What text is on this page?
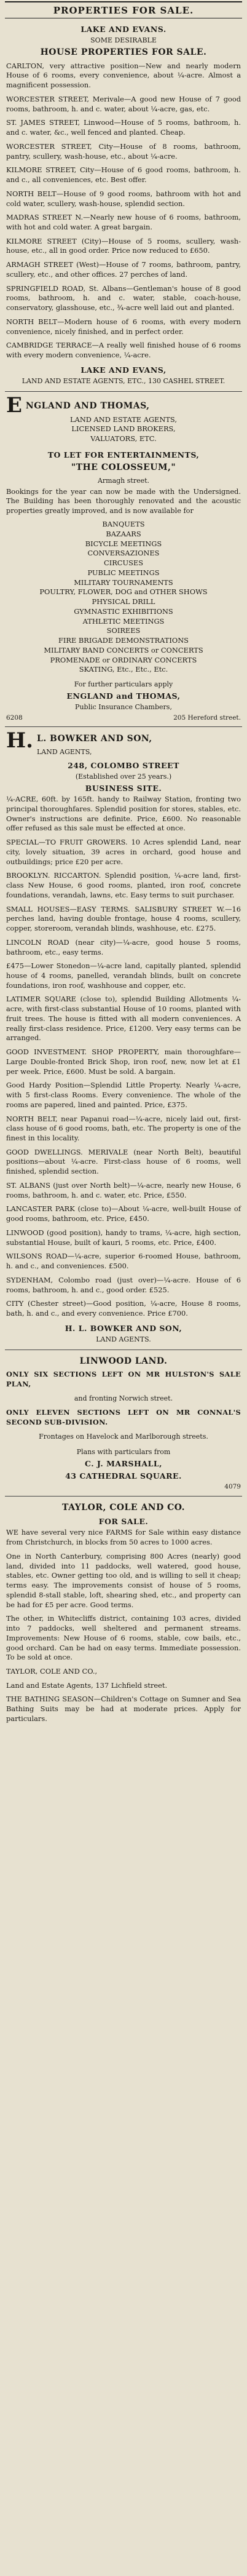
PROPERTIES FOR SALE.
LAKE AND EVANS.
SOME DESIRABLE
HOUSE PROPERTIES FOR SALE.

CARLTON, very attractive position—New and nearly modern House of 6 rooms, every convenience, about ¼-acre. Almost a magnificent possession.

WORCESTER STREET, Merivale—A good new House of 7 good rooms, bathroom, h. and c. water, about ¼-acre, gas, etc.

ST. JAMES STREET, Linwood—House of 5 rooms, bathroom, h. and c. water, &c., well fenced and planted. Cheap.

WORCESTER STREET, City—House of 8 rooms, bathroom, pantry, scullery, wash-house, etc., about ¼-acre.

KILMORE STREET, City—House of 6 good rooms, bathroom, h. and c., all conveniences, etc. Best offer.

NORTH BELT—House of 9 good rooms, bathroom with hot and cold water, scullery, wash-house, splendid section.

MADRAS STREET N.—Nearly new house of 6 rooms, bathroom, with hot and cold water. A great bargain.

KILMORE STREET (City)—House of 5 rooms, scullery, wash-house, etc., all in good order. Price now reduced to £650.

ARMAGH STREET (West)—House of 7 rooms, bathroom, pantry, scullery, etc., and other offices. 27 perches of land.

SPRINGFIELD ROAD, St. Albans—Gentleman's house of 8 good rooms, bathroom, h. and c. water, stable, coach-house, conservatory, glasshouse, etc., ¾-acre well laid out and planted.

NORTH BELT—Modern house of 6 rooms, with every modern convenience, nicely finished, and in perfect order.

CAMBRIDGE TERRACE—A really well finished house of 6 rooms with every modern convenience, ¼-acre.

LAKE AND EVANS,
LAND AND ESTATE AGENTS, ETC., 130 CASHEL STREET.
E NGLAND AND THOMAS,
LAND AND ESTATE AGENTS,
LICENSED LAND BROKERS,
VALUATORS, ETC.
TO LET FOR ENTERTAINMENTS,
"THE COLOSSEUM,"
Armagh street.

Bookings for the year can now be made with the Undersigned. The Building has been thoroughly renovated and the acoustic properties greatly improved, and is now available for

BANQUETS
BAZAARS
BICYCLE MEETINGS
CONVERSAZIONES
CIRCUSES
PUBLIC MEETINGS
MILITARY TOURNAMENTS
POULTRY, FLOWER, DOG and OTHER SHOWS
PHYSICAL DRILL
GYMNASTIC EXHIBITIONS
ATHLETIC MEETINGS
SOIREES
FIRE BRIGADE DEMONSTRATIONS
MILITARY BAND CONCERTS or CONCERTS
PROMENADE or ORDINARY CONCERTS
SKATING, Etc., Etc., Etc.
For further particulars apply
ENGLAND and THOMAS,
Public Insurance Chambers,
6208	205 Hereford street.
H. L. BOWKER AND SON,
LAND AGENTS,
248, COLOMBO STREET
(Established over 25 years.)
BUSINESS SITE.

¼-ACRE, 60ft. by 165ft. handy to Railway Station, fronting two principal thoroughfares. Splendid position for stores, stables, etc. Owner's instructions are definite. Price, £600. No reasonable offer refused as this sale must be effected at once.

SPECIAL—TO FRUIT GROWERS. 10 Acres splendid Land, near city, lovely situation, 39 acres in orchard, good house and outbuildings; price £20 per acre.

BROOKLYN. RICCARTON. Splendid position, ¼-acre land, first-class New House, 6 good rooms, planted, iron roof, concrete foundations, verandah, lawns, etc. Easy terms to suit purchaser.

SMALL HOUSES—EASY TERMS. SALISBURY STREET W.—16 perches land, having double frontage, house 4 rooms, scullery, copper, storeroom, verandah blinds, washhouse, etc. £275.

LINCOLN ROAD (near city)—¼-acre, good house 5 rooms, bathroom, etc., easy terms.

£475—Lower Stonedon—¼-acre land, capitally planted, splendid house of 4 rooms, panelled, verandah blinds, built on concrete foundations, iron roof, washhouse and copper, etc.

LATIMER SQUARE (close to), splendid Building Allotments ¼-acre, with first-class substantial House of 10 rooms, planted with fruit trees. The house is fitted with all modern conveniences. A really first-class residence. Price, £1200. Very easy terms can be arranged.

GOOD INVESTMENT. SHOP PROPERTY, main thoroughfare—Large Double-fronted Brick Shop, iron roof, new, now let at £1 per week. Price, £600. Must be sold. A bargain.

Good Hardy Position—Splendid Little Property. Nearly ¼-acre, with 5 first-class Rooms. Every convenience. The whole of the rooms are papered, lined and painted. Price, £375.

NORTH BELT, near Papanui road—¼-acre, nicely laid out, first-class house of 6 good rooms, bath, etc. The property is one of the finest in this locality.

GOOD DWELLINGS. MERIVALE (near North Belt), beautiful positions—about ¼-acre. First-class house of 6 rooms, well finished, splendid section.

ST. ALBANS (just over North belt)—¼-acre, nearly new House, 6 rooms, bathroom, h. and c. water, etc. Price, £550.

LANCASTER PARK (close to)—About ¼-acre, well-built House of good rooms, bathroom, etc. Price, £450.

LINWOOD (good position), handy to trams, ¼-acre, high section, substantial House, built of kauri, 5 rooms, etc. Price, £400.

WILSONS ROAD—¼-acre, superior 6-roomed House, bathroom, h. and c., and conveniences. £500.

SYDENHAM, Colombo road (just over)—¼-acre. House of 6 rooms, bathroom, h. and c., good order. £525.

CITY (Chester street)—Good position, ¼-acre, House 8 rooms, bath, h. and c., and every convenience. Price £700.

H. L. BOWKER AND SON,
LAND AGENTS.
LINWOOD LAND.

ONLY SIX SECTIONS LEFT ON MR HULSTON'S SALE PLAN,

and fronting Norwich street.

ONLY ELEVEN SECTIONS LEFT ON MR CONNAL'S SECOND SUB-DIVISION.

Frontages on Havelock and Marlborough streets.
Plans with particulars from
C. J. MARSHALL,
43 CATHEDRAL SQUARE.
4079
TAYLOR, COLE AND CO.
FOR SALE.

WE have several very nice FARMS for Sale within easy distance from Christchurch, in blocks from 50 acres to 1000 acres.

One in North Canterbury, comprising 800 Acres (nearly) good land, divided into 11 paddocks, well watered, good house, stables, etc. Owner getting too old, and is willing to sell it cheap; terms easy. The improvements consist of house of 5 rooms, splendid 8-stall stable, loft, shearing shed, etc., and property can be had for £5 per acre. Good terms.

The other, in Whitecliffs district, containing 103 acres, divided into 7 paddocks, well sheltered and permanent streams. Improvements: New House of 6 rooms, stable, cow bails, etc., good orchard. Can be had on easy terms. Immediate possession. To be sold at once.

TAYLOR, COLE AND CO.,

Land and Estate Agents, 137 Lichfield street.

THE BATHING SEASON—Children's Cottage on Sumner and Sea Bathing Suits may be had at moderate prices. Apply for particulars.
